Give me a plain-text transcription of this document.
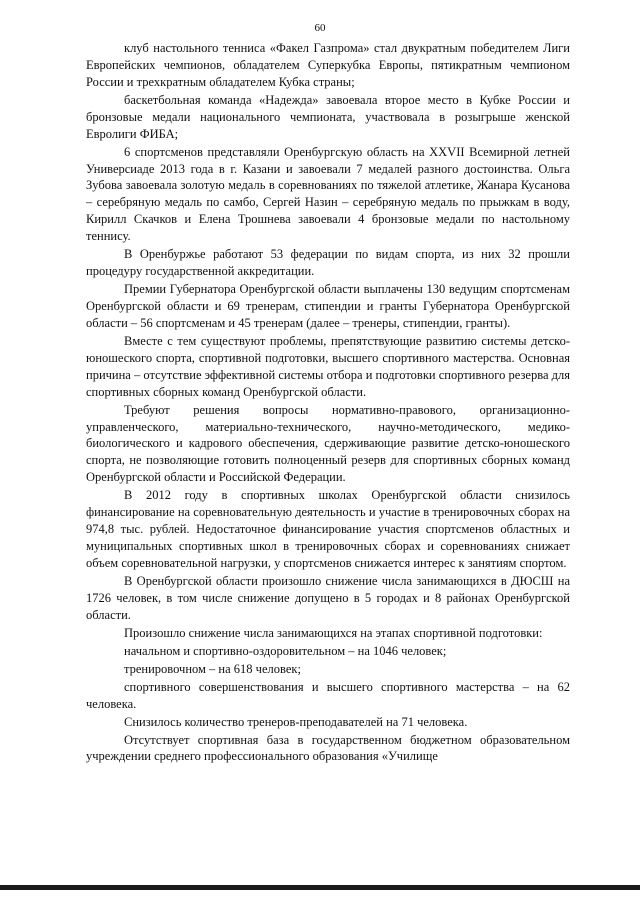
60

клуб настольного тенниса «Факел Газпрома» стал двукратным победителем Лиги Европейских чемпионов, обладателем Суперкубка Европы, пятикратным чемпионом России и трехкратным обладателем Кубка страны;

баскетбольная команда «Надежда» завоевала второе место в Кубке России и бронзовые медали национального чемпионата, участвовала в розыгрыше женской Евролиги ФИБА;

6 спортсменов представляли Оренбургскую область на XXVII Всемирной летней Универсиаде 2013 года в г. Казани и завоевали 7 медалей разного достоинства. Ольга Зубова завоевала золотую медаль в соревнованиях по тяжелой атлетике, Жанара Кусанова – серебряную медаль по самбо, Сергей Назин – серебряную медаль по прыжкам в воду, Кирилл Скачков и Елена Трошнева завоевали 4 бронзовые медали по настольному теннису.

В Оренбуржье работают 53 федерации по видам спорта, из них 32 прошли процедуру государственной аккредитации.

Премии Губернатора Оренбургской области выплачены 130 ведущим спортсменам Оренбургской области и 69 тренерам, стипендии и гранты Губернатора Оренбургской области – 56 спортсменам и 45 тренерам (далее – тренеры, стипендии, гранты).

Вместе с тем существуют проблемы, препятствующие развитию системы детско-юношеского спорта, спортивной подготовки, высшего спортивного мастерства. Основная причина – отсутствие эффективной системы отбора и подготовки спортивного резерва для спортивных сборных команд Оренбургской области.

Требуют решения вопросы нормативно-правового, организационно-управленческого, материально-технического, научно-методического, медико-биологического и кадрового обеспечения, сдерживающие развитие детско-юношеского спорта, не позволяющие готовить полноценный резерв для спортивных сборных команд Оренбургской области и Российской Федерации.

В 2012 году в спортивных школах Оренбургской области снизилось финансирование на соревновательную деятельность и участие в тренировочных сборах на 974,8 тыс. рублей. Недостаточное финансирование участия спортсменов областных и муниципальных спортивных школ в тренировочных сборах и соревнованиях снижает объем соревновательной нагрузки, у спортсменов снижается интерес к занятиям спортом.

В Оренбургской области произошло снижение числа занимающихся в ДЮСШ на 1726 человек, в том числе снижение допущено в 5 городах и 8 районах Оренбургской области.

Произошло снижение числа занимающихся на этапах спортивной подготовки:

начальном и спортивно-оздоровительном – на 1046 человек;

тренировочном – на 618 человек;

спортивного совершенствования и высшего спортивного мастерства – на 62 человека.

Снизилось количество тренеров-преподавателей на 71 человека.

Отсутствует спортивная база в государственном бюджетном образовательном учреждении среднего профессионального образования «Училище
